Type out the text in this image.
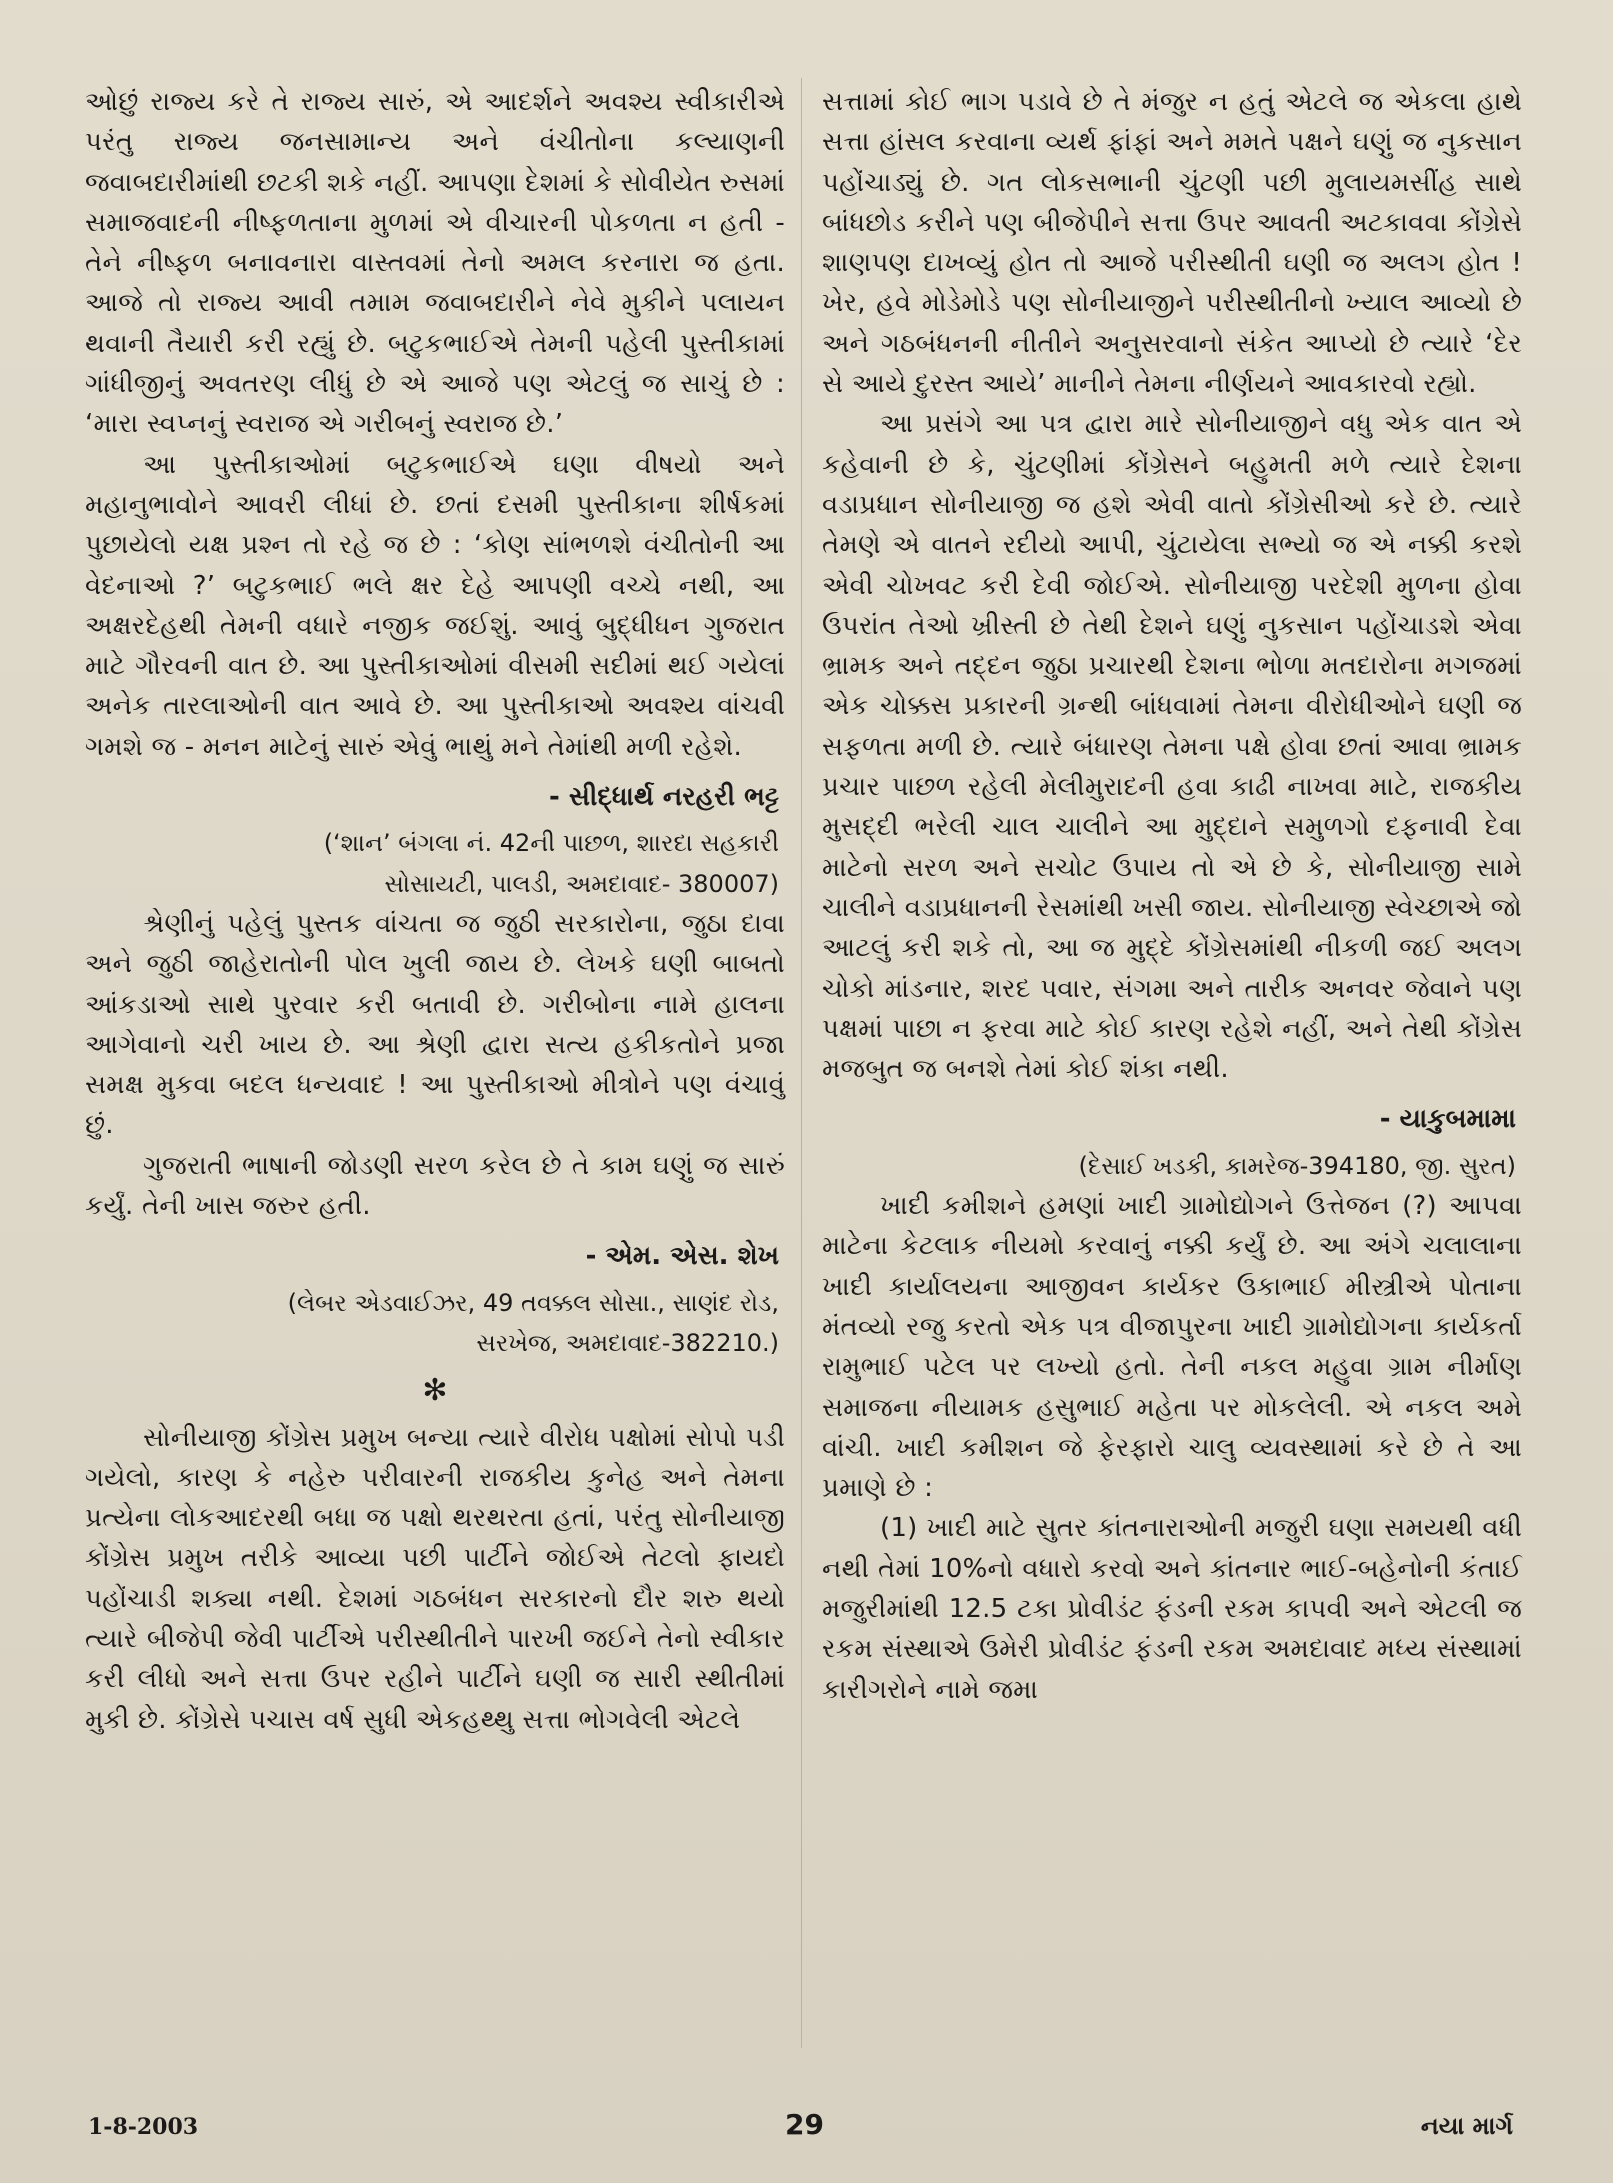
ઓછું રાજ્ય કરે તે રાજ્ય સારું, એ આદર્શને અવશ્ય સ્વીકારીએ પરંતુ રાજ્ય જનસામાન્ય અને વંચીતોના કલ્યાણની જવાબદારીમાંથી છટકી શકે નહીં. આપણા દેશમાં કે સોવીયેત રુસમાં સમાજવાદની નીષ્ફળતાના મુળમાં એ વીચારની પોકળતા ન હતી - તેને નીષ્ફળ બનાવનારા વાસ્તવમાં તેનો અમલ કરનારા જ હતા. આજે તો રાજ્ય આવી તમામ જવાબદારીને નેવે મુકીને પલાયન થવાની તૈયારી કરી રહ્યું છે. બટુકભાઈએ તેમની પહેલી પુસ્તીકામાં ગાંધીજીનું અવતરણ લીધું છે એ આજે પણ એટલું જ સાચું છે : ‘મારા સ્વપ્નનું સ્વરાજ એ ગરીબનું સ્વરાજ છે.’

આ પુસ્તીકાઓમાં બટુકભાઈએ ઘણા વીષયો અને મહાનુભાવોને આવરી લીધાં છે. છતાં દસમી પુસ્તીકાના શીર્ષકમાં પુછાયેલો યક્ષ પ્રશ્ન તો રહે જ છે : ‘કોણ સાંભળશે વંચીતોની આ વેદનાઓ ?’ બટુકભાઈ ભલે ક્ષર દેહે આપણી વચ્ચે નથી, આ અક્ષરદેહથી તેમની વધારે નજીક જઈશું. આવું બુદ્ધીધન ગુજરાત માટે ગૌરવની વાત છે. આ પુસ્તીકાઓમાં વીસમી સદીમાં થઈ ગયેલાં અનેક તારલાઓની વાત આવે છે. આ પુસ્તીકાઓ અવશ્ય વાંચવી ગમશે જ - મનન માટેનું સારું એવું ભાથું મને તેમાંથી મળી રહેશે.

- સીદ્ધાર્થ નરહરી ભટ્ટ
(‘શાન’ બંગલા નં. 42ની પાછળ, શારદા સહકારી
સોસાયટી, પાલડી, અમદાવાદ- 380007)

શ્રેણીનું પહેલું પુસ્તક વાંચતા જ જુઠી સરકારોના, જુઠા દાવા અને જુઠી જાહેરાતોની પોલ ખુલી જાય છે. લેખકે ઘણી બાબતો આંકડાઓ સાથે પુરવાર કરી બતાવી છે. ગરીબોના નામે હાલના આગેવાનો ચરી ખાય છે. આ શ્રેણી દ્વારા સત્ય હકીકતોને પ્રજા સમક્ષ મુકવા બદલ ધન્યવાદ ! આ પુસ્તીકાઓ મીત્રોને પણ વંચાવું છું.

ગુજરાતી ભાષાની જોડણી સરળ કરેલ છે તે કામ ઘણું જ સારું કર્યું. તેની ખાસ જરુર હતી.

- એમ. એસ. શેખ
(લેબર એડવાઈઝર, 49 તવક્કલ સોસા., સાણંદ રોડ,
સરખેજ, અમદાવાદ-382210.)
✻

સોનીયાજી કોંગ્રેસ પ્રમુખ બન્યા ત્યારે વીરોધ પક્ષોમાં સોપો પડી ગયેલો, કારણ કે નહેરુ પરીવારની રાજકીય કુનેહ અને તેમના પ્રત્યેના લોકઆદરથી બધા જ પક્ષો થરથરતા હતાં, પરંતુ સોનીયાજી કોંગ્રેસ પ્રમુખ તરીકે આવ્યા પછી પાર્ટીને જોઈએ તેટલો ફાયદો પહોંચાડી શક્યા નથી. દેશમાં ગઠબંધન સરકારનો દૌર શરુ થયો ત્યારે બીજેપી જેવી પાર્ટીએ પરીસ્થીતીને પારખી જઈને તેનો સ્વીકાર કરી લીધો અને સત્તા ઉપર રહીને પાર્ટીને ઘણી જ સારી સ્થીતીમાં મુકી છે. કોંગ્રેસે પચાસ વર્ષ સુધી એકહથ્થુ સત્તા ભોગવેલી એટલે

સત્તામાં કોઈ ભાગ પડાવે છે તે મંજુર ન હતું એટલે જ એકલા હાથે સત્તા હાંસલ કરવાના વ્યર્થ ફાંફાં અને મમતે પક્ષને ઘણું જ નુકસાન પહોંચાડ્યું છે. ગત લોકસભાની ચુંટણી પછી મુલાયમસીંહ સાથે બાંધછોડ કરીને પણ બીજેપીને સત્તા ઉપર આવતી અટકાવવા કોંગ્રેસે શાણપણ દાખવ્યું હોત તો આજે પરીસ્થીતી ઘણી જ અલગ હોત ! ખેર, હવે મોડેમોડે પણ સોનીયાજીને પરીસ્થીતીનો ખ્યાલ આવ્યો છે અને ગઠબંધનની નીતીને અનુસરવાનો સંકેત આપ્યો છે ત્યારે ‘દેર સે આયે દુરસ્ત આયે’ માનીને તેમના નીર્ણયને આવકારવો રહ્યો.

આ પ્રસંગે આ પત્ર દ્વારા મારે સોનીયાજીને વધુ એક વાત એ કહેવાની છે કે, ચુંટણીમાં કોંગ્રેસને બહુમતી મળે ત્યારે દેશના વડાપ્રધાન સોનીયાજી જ હશે એવી વાતો કોંગ્રેસીઓ કરે છે. ત્યારે તેમણે એ વાતને રદીયો આપી, ચુંટાયેલા સભ્યો જ એ નક્કી કરશે એવી ચોખવટ કરી દેવી જોઈએ. સોનીયાજી પરદેશી મુળના હોવા ઉપરાંત તેઓ ખ્રીસ્તી છે તેથી દેશને ઘણું નુકસાન પહોંચાડશે એવા ભ્રામક અને તદ્દન જુઠા પ્રચારથી દેશના ભોળા મતદારોના મગજમાં એક ચોક્કસ પ્રકારની ગ્રન્થી બાંધવામાં તેમના વીરોધીઓને ઘણી જ સફળતા મળી છે. ત્યારે બંધારણ તેમના પક્ષે હોવા છતાં આવા ભ્રામક પ્રચાર પાછળ રહેલી મેલીમુરાદની હવા કાઢી નાખવા માટે, રાજકીય મુસદ્દી ભરેલી ચાલ ચાલીને આ મુદ્દાને સમુળગો દફનાવી દેવા માટેનો સરળ અને સચોટ ઉપાય તો એ છે કે, સોનીયાજી સામે ચાલીને વડાપ્રધાનની રેસમાંથી ખસી જાય. સોનીયાજી સ્વેચ્છાએ જો આટલું કરી શકે તો, આ જ મુદ્દે કોંગ્રેસમાંથી નીકળી જઈ અલગ ચોકો માંડનાર, શરદ પવાર, સંગમા અને તારીક અનવર જેવાને પણ પક્ષમાં પાછા ન ફરવા માટે કોઈ કારણ રહેશે નહીં, અને તેથી કોંગ્રેસ મજબુત જ બનશે તેમાં કોઈ શંકા નથી.

- યાકુબમામા
(દેસાઈ ખડકી, કામરેજ-394180, જી. સુરત)

ખાદી કમીશને હમણાં ખાદી ગ્રામોદ્યોગને ઉત્તેજન (?) આપવા માટેના કેટલાક નીયમો કરવાનું નક્કી કર્યું છે. આ અંગે ચલાલાના ખાદી કાર્યાલયના આજીવન કાર્યકર ઉકાભાઈ મીસ્ત્રીએ પોતાના મંતવ્યો રજુ કરતો એક પત્ર વીજાપુરના ખાદી ગ્રામોદ્યોગના કાર્યકર્તા રામુભાઈ પટેલ પર લખ્યો હતો. તેની નકલ મહુવા ગ્રામ નીર્માણ સમાજના નીયામક હસુભાઈ મહેતા પર મોકલેલી. એ નકલ અમે વાંચી. ખાદી કમીશન જે ફેરફારો ચાલુ વ્યવસ્થામાં કરે છે તે આ પ્રમાણે છે :

(1) ખાદી માટે સુતર કાંતનારાઓની મજુરી ઘણા સમયથી વધી નથી તેમાં 10%નો વધારો કરવો અને કાંતનાર ભાઈ-બહેનોની કંતાઈ મજુરીમાંથી 12.5 ટકા પ્રોવીડંટ ફંડની રકમ કાપવી અને એટલી જ રકમ સંસ્થાએ ઉમેરી પ્રોવીડંટ ફંડની રકમ અમદાવાદ મધ્ય સંસ્થામાં કારીગરોને નામે જમા

1-8-2003	29	નયા માર્ગ
